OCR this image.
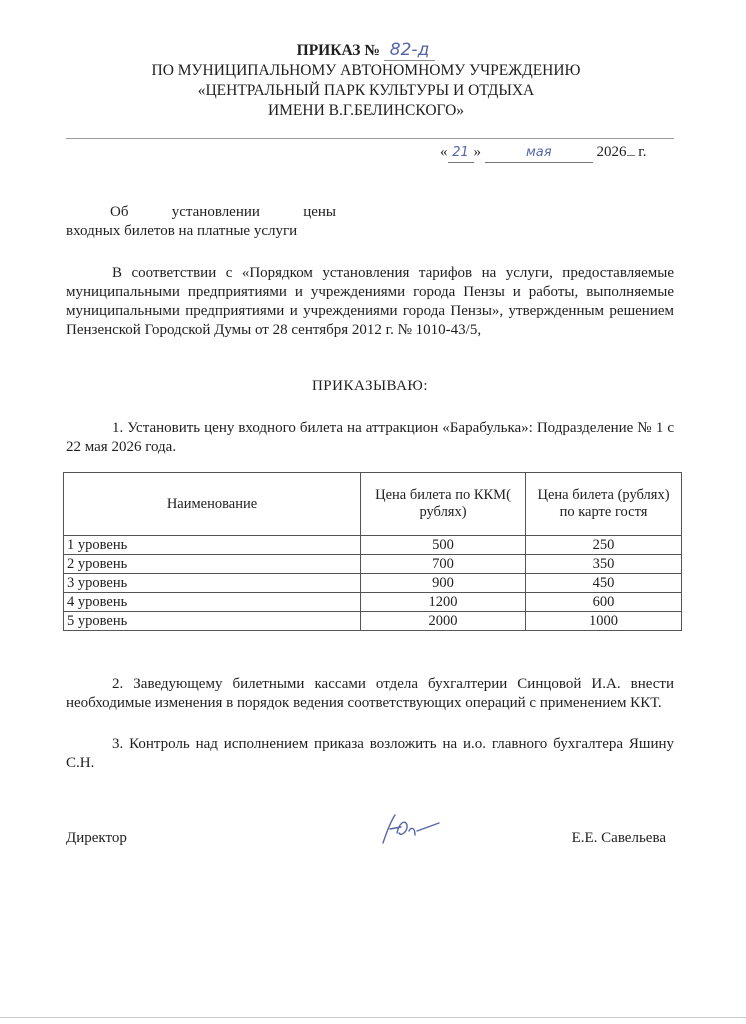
ПРИКАЗ № 82-д
ПО МУНИЦИПАЛЬНОМУ АВТОНОМНОМУ УЧРЕЖДЕНИЮ
«ЦЕНТРАЛЬНЫЙ ПАРК КУЛЬТУРЫ И ОТДЫХА
ИМЕНИ В.Г.БЕЛИНСКОГО»
« 21 »	мая	2026 г.
Об	установлении	цены
входных билетов на платные услуги
В соответствии с «Порядком установления тарифов на услуги, предоставляемые муниципальными предприятиями и учреждениями города Пензы и работы, выполняемые муниципальными предприятиями и учреждениями города Пензы», утвержденным решением Пензенской Городской Думы от 28 сентября 2012 г. № 1010-43/5,
ПРИКАЗЫВАЮ:
1. Установить цену входного билета на аттракцион «Барабулька»: Подразделение № 1 с 22 мая 2026 года.
Наименование	Цена билета по ККМ( рублях)	Цена билета (рублях) по карте гостя
1 уровень	500	250
2 уровень	700	350
3 уровень	900	450
4 уровень	1200	600
5 уровень	2000	1000
2. Заведующему билетными кассами отдела бухгалтерии Синцовой И.А. внести необходимые изменения в порядок ведения соответствующих операций с применением ККТ.
3. Контроль над исполнением приказа возложить на и.о. главного бухгалтера Яшину С.Н.
Директор	Е.Е. Савельева
